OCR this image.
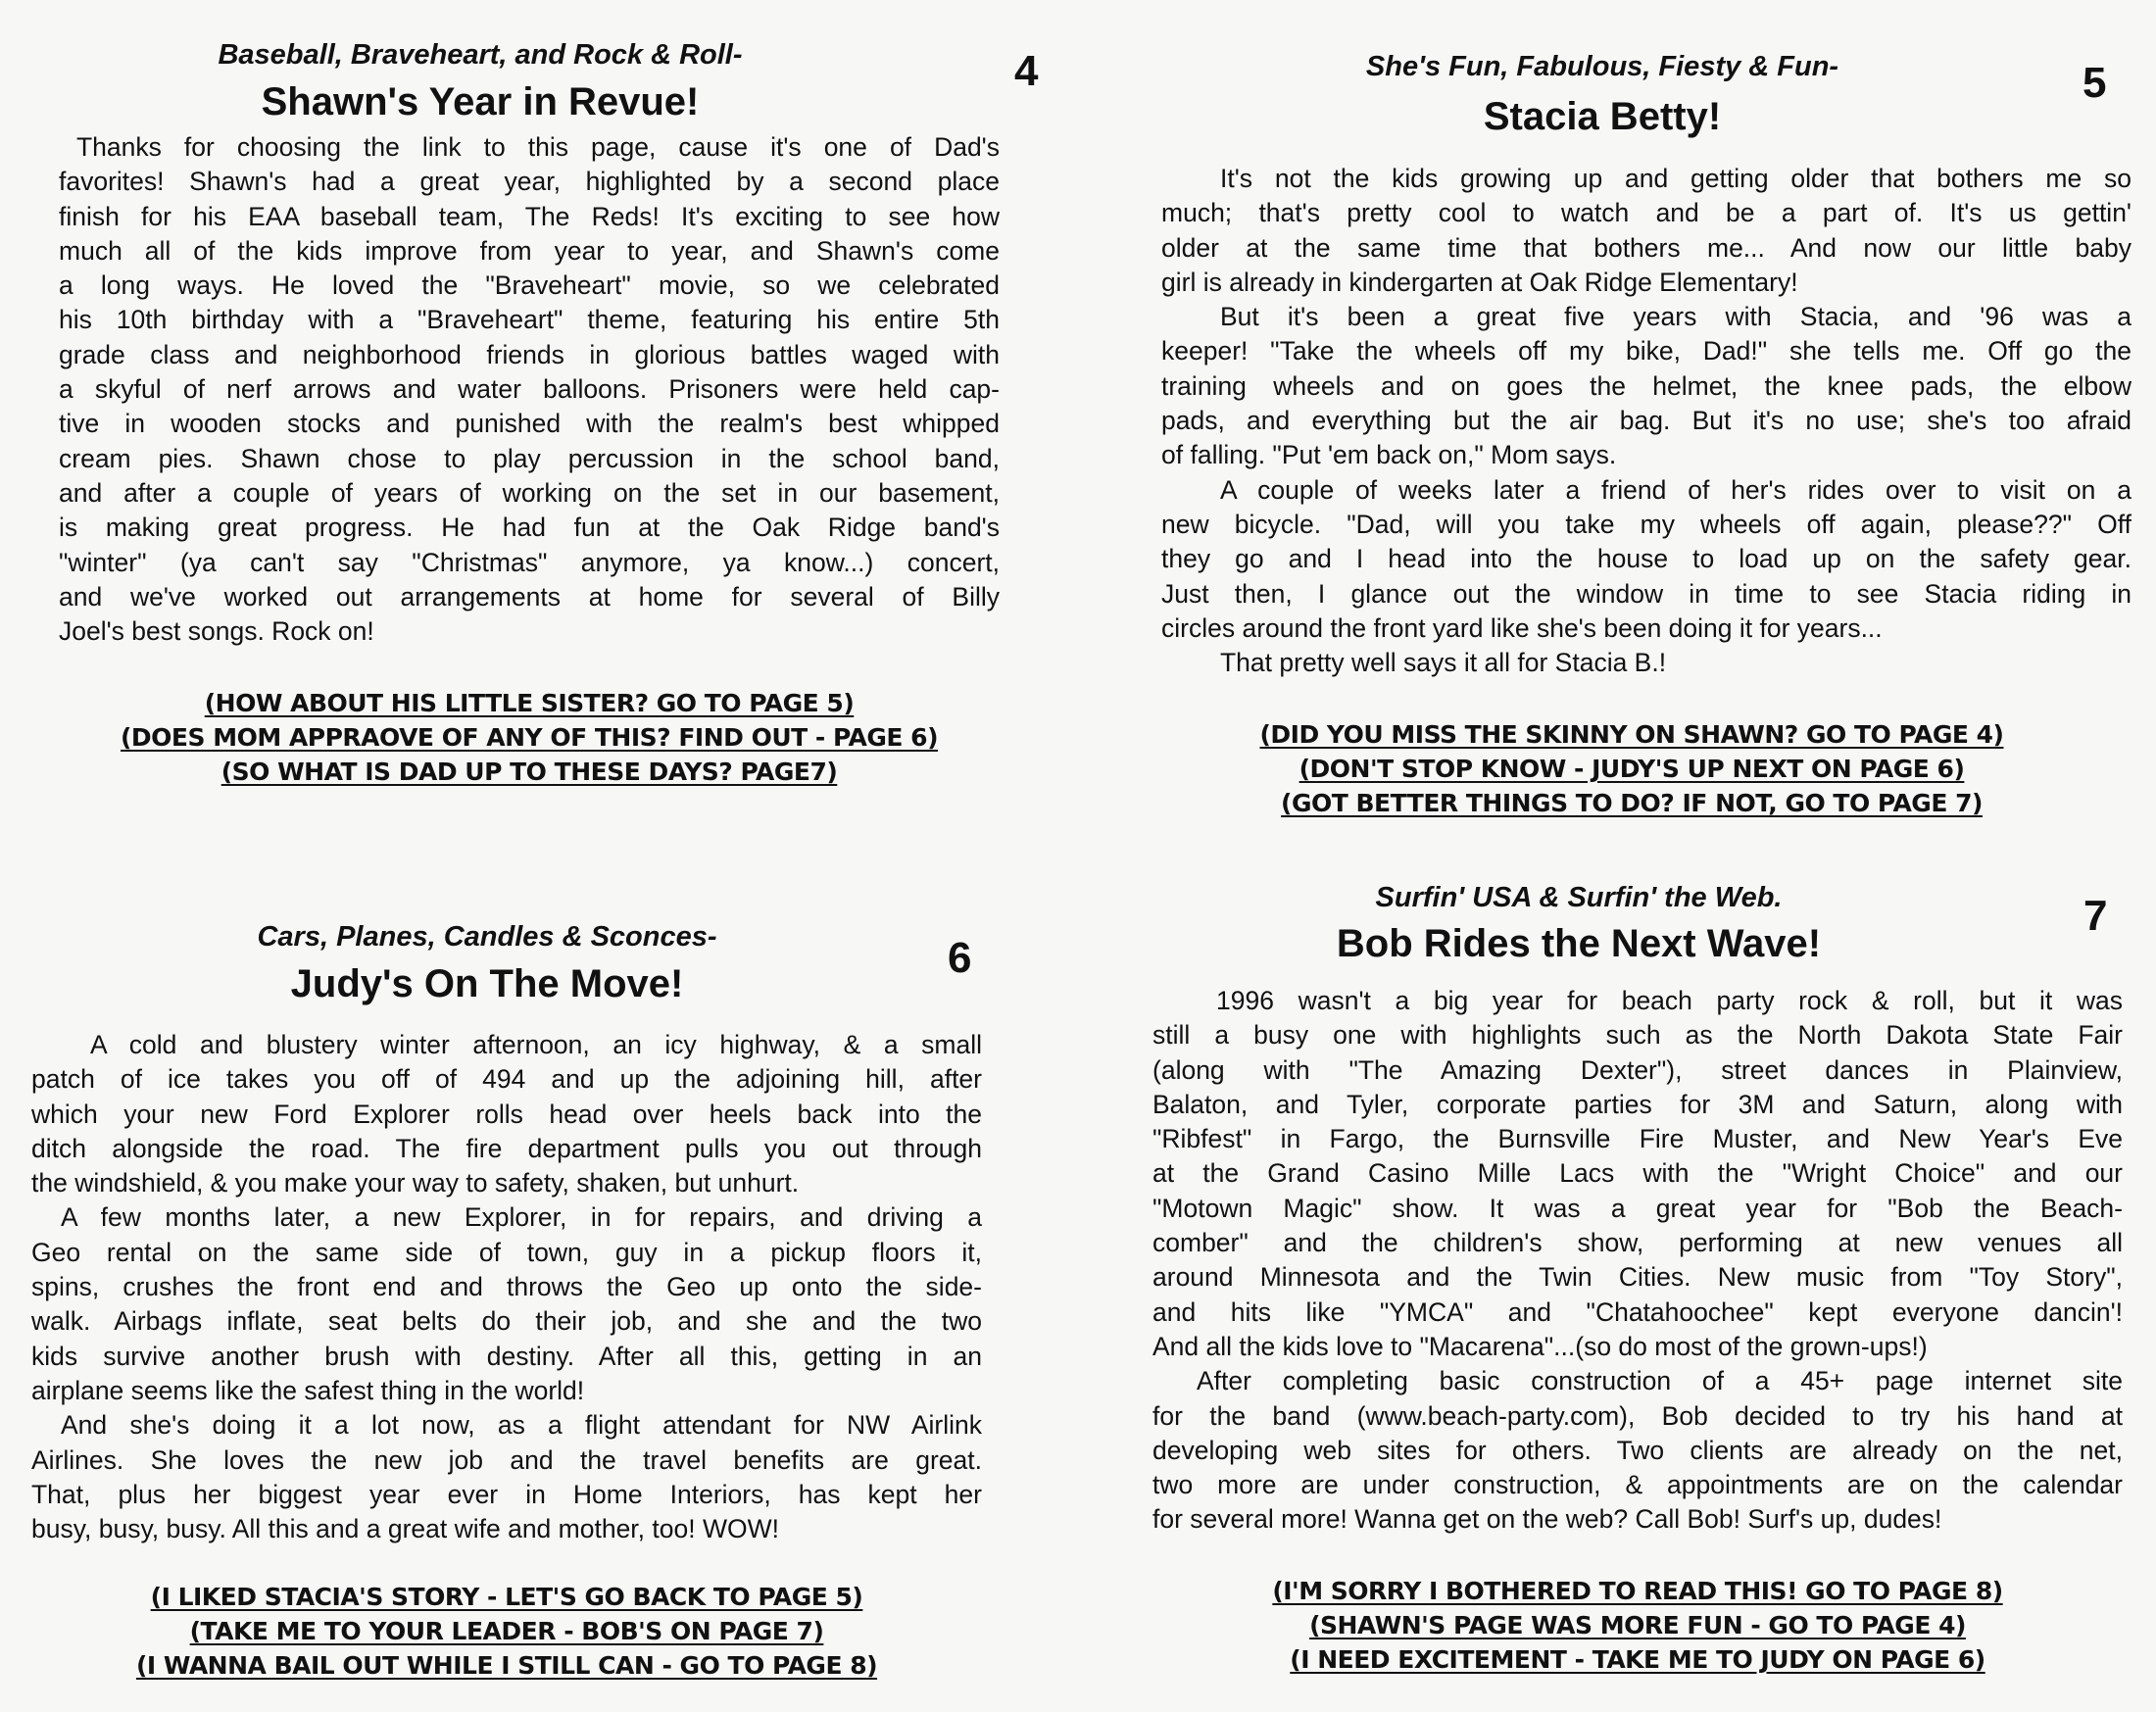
Baseball, Braveheart, and Rock & Roll-
Shawn's Year in Revue!
4
Thanks for choosing the link to this page, cause it's one of Dad's
favorites! Shawn's had a great year, highlighted by a second place
finish for his EAA baseball team, The Reds! It's exciting to see how
much all of the kids improve from year to year, and Shawn's come
a long ways. He loved the "Braveheart" movie, so we celebrated
his 10th birthday with a "Braveheart" theme, featuring his entire 5th
grade class and neighborhood friends in glorious battles waged with
a skyful of nerf arrows and water balloons. Prisoners were held cap-
tive in wooden stocks and punished with the realm's best whipped
cream pies. Shawn chose to play percussion in the school band,
and after a couple of years of working on the set in our basement,
is making great progress. He had fun at the Oak Ridge band's
"winter" (ya can't say "Christmas" anymore, ya know...) concert,
and we've worked out arrangements at home for several of Billy
Joel's best songs. Rock on!
(HOW ABOUT HIS LITTLE SISTER? GO TO PAGE 5)
(DOES MOM APPRAOVE OF ANY OF THIS? FIND OUT - PAGE 6)
(SO WHAT IS DAD UP TO THESE DAYS? PAGE7)
She's Fun, Fabulous, Fiesty & Fun-
Stacia Betty!
5
It's not the kids growing up and getting older that bothers me so
much; that's pretty cool to watch and be a part of. It's us gettin'
older at the same time that bothers me... And now our little baby
girl is already in kindergarten at Oak Ridge Elementary!
But it's been a great five years with Stacia, and '96 was a
keeper! "Take the wheels off my bike, Dad!" she tells me. Off go the
training wheels and on goes the helmet, the knee pads, the elbow
pads, and everything but the air bag. But it's no use; she's too afraid
of falling. "Put 'em back on," Mom says.
A couple of weeks later a friend of her's rides over to visit on a
new bicycle. "Dad, will you take my wheels off again, please??" Off
they go and I head into the house to load up on the safety gear.
Just then, I glance out the window in time to see Stacia riding in
circles around the front yard like she's been doing it for years...
That pretty well says it all for Stacia B.!
(DID YOU MISS THE SKINNY ON SHAWN? GO TO PAGE 4)
(DON'T STOP KNOW - JUDY'S UP NEXT ON PAGE 6)
(GOT BETTER THINGS TO DO? IF NOT, GO TO PAGE 7)
Cars, Planes, Candles & Sconces-
Judy's On The Move!
6
A cold and blustery winter afternoon, an icy highway, & a small
patch of ice takes you off of 494 and up the adjoining hill, after
which your new Ford Explorer rolls head over heels back into the
ditch alongside the road. The fire department pulls you out through
the windshield, & you make your way to safety, shaken, but unhurt.
A few months later, a new Explorer, in for repairs, and driving a
Geo rental on the same side of town, guy in a pickup floors it,
spins, crushes the front end and throws the Geo up onto the side-
walk. Airbags inflate, seat belts do their job, and she and the two
kids survive another brush with destiny. After all this, getting in an
airplane seems like the safest thing in the world!
And she's doing it a lot now, as a flight attendant for NW Airlink
Airlines. She loves the new job and the travel benefits are great.
That, plus her biggest year ever in Home Interiors, has kept her
busy, busy, busy. All this and a great wife and mother, too! WOW!
(I LIKED STACIA'S STORY - LET'S GO BACK TO PAGE 5)
(TAKE ME TO YOUR LEADER - BOB'S ON PAGE 7)
(I WANNA BAIL OUT WHILE I STILL CAN - GO TO PAGE 8)
Surfin' USA & Surfin' the Web.
Bob Rides the Next Wave!
7
1996 wasn't a big year for beach party rock & roll, but it was
still a busy one with highlights such as the North Dakota State Fair
(along with "The Amazing Dexter"), street dances in Plainview,
Balaton, and Tyler, corporate parties for 3M and Saturn, along with
"Ribfest" in Fargo, the Burnsville Fire Muster, and New Year's Eve
at the Grand Casino Mille Lacs with the "Wright Choice" and our
"Motown Magic" show. It was a great year for "Bob the Beach-
comber" and the children's show, performing at new venues all
around Minnesota and the Twin Cities. New music from "Toy Story",
and hits like "YMCA" and "Chatahoochee" kept everyone dancin'!
And all the kids love to "Macarena"...(so do most of the grown-ups!)
After completing basic construction of a 45+ page internet site
for the band (www.beach-party.com), Bob decided to try his hand at
developing web sites for others. Two clients are already on the net,
two more are under construction, & appointments are on the calendar
for several more! Wanna get on the web? Call Bob! Surf's up, dudes!
(I'M SORRY I BOTHERED TO READ THIS! GO TO PAGE 8)
(SHAWN'S PAGE WAS MORE FUN - GO TO PAGE 4)
(I NEED EXCITEMENT - TAKE ME TO JUDY ON PAGE 6)
